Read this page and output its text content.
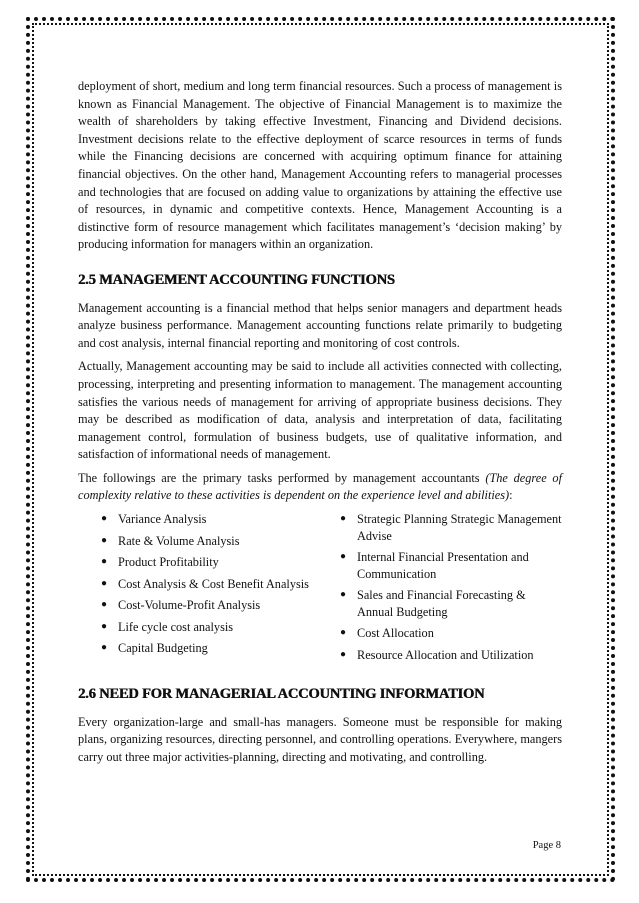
deployment of short, medium and long term financial resources. Such a process of management is known as Financial Management. The objective of Financial Management is to maximize the wealth of shareholders by taking effective Investment, Financing and Dividend decisions. Investment decisions relate to the effective deployment of scarce resources in terms of funds while the Financing decisions are concerned with acquiring optimum finance for attaining financial objectives. On the other hand, Management Accounting refers to managerial processes and technologies that are focused on adding value to organizations by attaining the effective use of resources, in dynamic and competitive contexts. Hence, Management Accounting is a distinctive form of resource management which facilitates management’s ‘decision making’ by producing information for managers within an organization.

2.5 MANAGEMENT ACCOUNTING FUNCTIONS

Management accounting is a financial method that helps senior managers and department heads analyze business performance. Management accounting functions relate primarily to budgeting and cost analysis, internal financial reporting and monitoring of cost controls.

Actually, Management accounting may be said to include all activities connected with collecting, processing, interpreting and presenting information to management. The management accounting satisfies the various needs of management for arriving of appropriate business decisions. They may be described as modification of data, analysis and interpretation of data, facilitating management control, formulation of business budgets, use of qualitative information, and satisfaction of informational needs of management.

The followings are the primary tasks performed by management accountants (The degree of complexity relative to these activities is dependent on the experience level and abilities):

● Variance Analysis
● Rate & Volume Analysis
● Product Profitability
● Cost Analysis & Cost Benefit Analysis
● Cost-Volume-Profit Analysis
● Life cycle cost analysis
● Capital Budgeting
● Strategic Planning Strategic Management Advise
● Internal Financial Presentation and Communication
● Sales and Financial Forecasting & Annual Budgeting
● Cost Allocation
● Resource Allocation and Utilization
2.6 NEED FOR MANAGERIAL ACCOUNTING INFORMATION

Every organization-large and small-has managers. Someone must be responsible for making plans, organizing resources, directing personnel, and controlling operations. Everywhere, mangers carry out three major activities-planning, directing and motivating, and controlling.

Page 8
